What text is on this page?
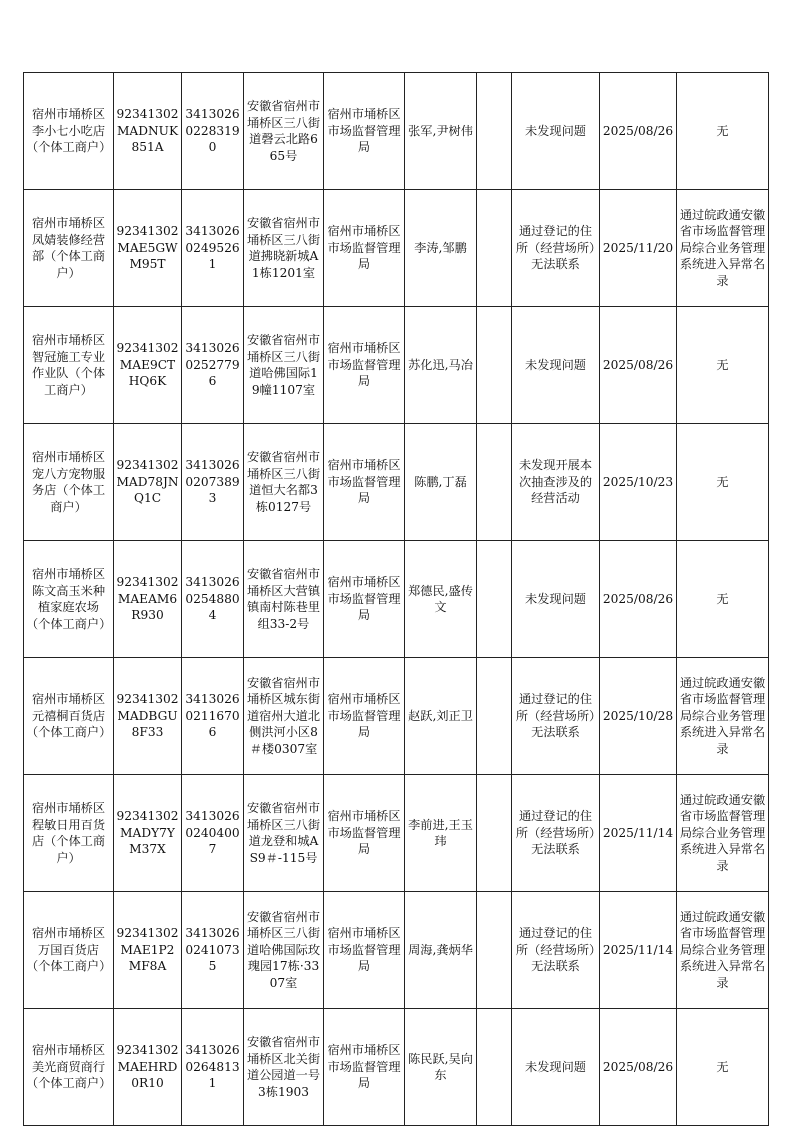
宿州市埇桥区李小七小吃店（个体工商户）	92341302MADNUK851A	341302602283190	安徽省宿州市埇桥区三八街道磬云北路665号	宿州市埇桥区市场监督管理局	张军,尹树伟		未发现问题	2025/08/26	无
宿州市埇桥区凤婧装修经营部（个体工商户）	92341302MAE5GWM95T	341302602495261	安徽省宿州市埇桥区三八街道拂晓新城A1栋1201室	宿州市埇桥区市场监督管理局	李涛,邹鹏		通过登记的住所（经营场所）无法联系	2025/11/20	通过皖政通安徽省市场监督管理局综合业务管理系统进入异常名录
宿州市埇桥区智冠施工专业作业队（个体工商户）	92341302MAE9CTHQ6K	341302602527796	安徽省宿州市埇桥区三八街道哈佛国际19幢1107室	宿州市埇桥区市场监督管理局	苏化迅,马冶		未发现问题	2025/08/26	无
宿州市埇桥区宠八方宠物服务店（个体工商户）	92341302MAD78JNQ1C	341302602073893	安徽省宿州市埇桥区三八街道恒大名都3栋0127号	宿州市埇桥区市场监督管理局	陈鹏,丁磊		未发现开展本次抽查涉及的经营活动	2025/10/23	无
宿州市埇桥区陈文高玉米种植家庭农场（个体工商户）	92341302MAEAM6R930	341302602548804	安徽省宿州市埇桥区大营镇镇南村陈巷里组33-2号	宿州市埇桥区市场监督管理局	郑德民,盛传文		未发现问题	2025/08/26	无
宿州市埇桥区元禧桐百货店（个体工商户）	92341302MADBGU8F33	341302602116706	安徽省宿州市埇桥区城东街道宿州大道北侧洪河小区8＃楼0307室	宿州市埇桥区市场监督管理局	赵跃,刘正卫		通过登记的住所（经营场所）无法联系	2025/10/28	通过皖政通安徽省市场监督管理局综合业务管理系统进入异常名录
宿州市埇桥区程敏日用百货店（个体工商户）	92341302MADY7YM37X	341302602404007	安徽省宿州市埇桥区三八街道龙登和城AS9＃-115号	宿州市埇桥区市场监督管理局	李前进,王玉玮		通过登记的住所（经营场所）无法联系	2025/11/14	通过皖政通安徽省市场监督管理局综合业务管理系统进入异常名录
宿州市埇桥区万国百货店（个体工商户）	92341302MAE1P2MF8A	341302602410735	安徽省宿州市埇桥区三八街道哈佛国际玫瑰园17栋·3307室	宿州市埇桥区市场监督管理局	周海,龚炳华		通过登记的住所（经营场所）无法联系	2025/11/14	通过皖政通安徽省市场监督管理局综合业务管理系统进入异常名录
宿州市埇桥区美光商贸商行（个体工商户）	92341302MAEHRD0R10	341302602648131	安徽省宿州市埇桥区北关街道公园道一号3栋1903	宿州市埇桥区市场监督管理局	陈民跃,吴向东		未发现问题	2025/08/26	无
